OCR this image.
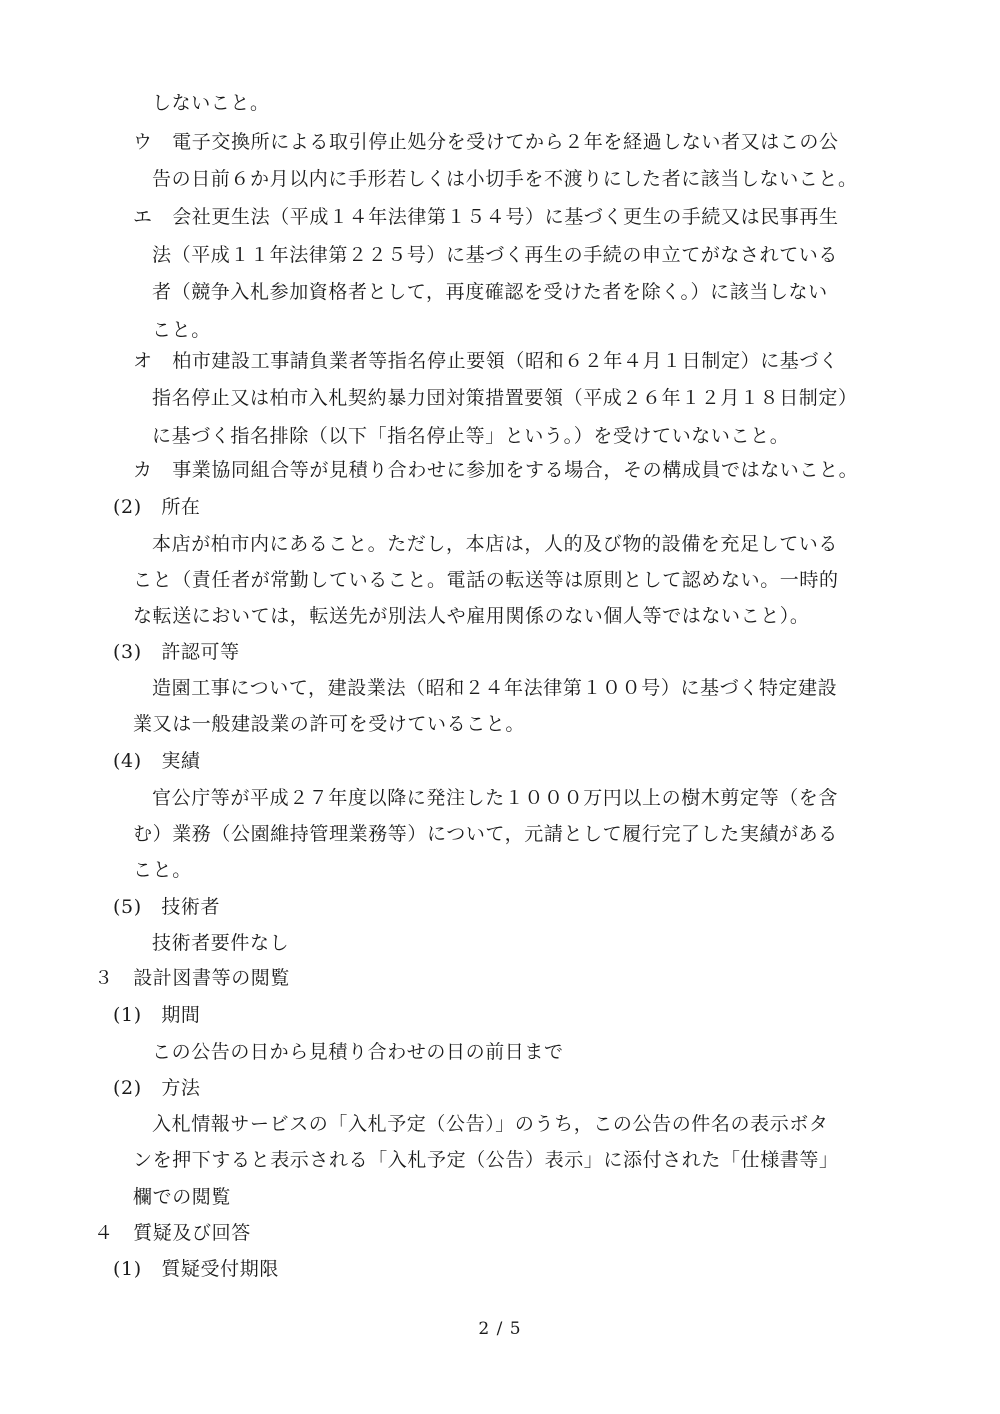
しないこと。
ウ　電子交換所による取引停止処分を受けてから２年を経過しない者又はこの公
告の日前６か月以内に手形若しくは小切手を不渡りにした者に該当しないこと。
エ　会社更生法（平成１４年法律第１５４号）に基づく更生の手続又は民事再生
法（平成１１年法律第２２５号）に基づく再生の手続の申立てがなされている
者（競争入札参加資格者として，再度確認を受けた者を除く。）に該当しない
こと。
オ　柏市建設工事請負業者等指名停止要領（昭和６２年４月１日制定）に基づく
指名停止又は柏市入札契約暴力団対策措置要領（平成２６年１２月１８日制定）
に基づく指名排除（以下「指名停止等」という。）を受けていないこと。
カ　事業協同組合等が見積り合わせに参加をする場合，その構成員ではないこと。
(2)　所在
本店が柏市内にあること。ただし，本店は，人的及び物的設備を充足している
こと（責任者が常勤していること。電話の転送等は原則として認めない。一時的
な転送においては，転送先が別法人や雇用関係のない個人等ではないこと）。
(3)　許認可等
造園工事について，建設業法（昭和２４年法律第１００号）に基づく特定建設
業又は一般建設業の許可を受けていること。
(4)　実績
官公庁等が平成２７年度以降に発注した１０００万円以上の樹木剪定等（を含
む）業務（公園維持管理業務等）について，元請として履行完了した実績がある
こと。
(5)　技術者
技術者要件なし
３　設計図書等の閲覧
(1)　期間
この公告の日から見積り合わせの日の前日まで
(2)　方法
入札情報サービスの「入札予定（公告）」のうち，この公告の件名の表示ボタ
ンを押下すると表示される「入札予定（公告）表示」に添付された「仕様書等」
欄での閲覧
４　質疑及び回答
(1)　質疑受付期限
2 / 5
